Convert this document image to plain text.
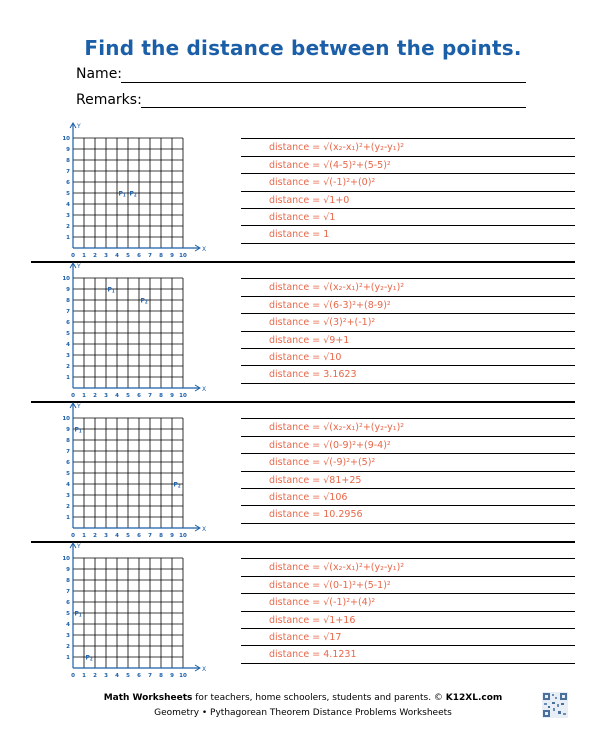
Find the distance between the points.
Name:
Remarks:
Y
X
0 1
1
2
2
3
3
4
4
5
5
6
6
7
7
8
8
9
9
10
10
P1 P2
distance = √(x₂-x₁)²+(y₂-y₁)²
distance = √(4-5)²+(5-5)²
distance = √(-1)²+(0)²
distance = √1+0
distance = √1
distance = 1
Y
X
0 1
1
2
2
3
3
4
4
5
5
6
6
7
7
8
8
9
9
10
10
P1
P2
distance = √(x₂-x₁)²+(y₂-y₁)²
distance = √(6-3)²+(8-9)²
distance = √(3)²+(-1)²
distance = √9+1
distance = √10
distance = 3.1623
Y
X
0 1
1
2
2
3
3
4
4
5
5
6
6
7
7
8
8
9
9
10
10
P1
P2
distance = √(x₂-x₁)²+(y₂-y₁)²
distance = √(0-9)²+(9-4)²
distance = √(-9)²+(5)²
distance = √81+25
distance = √106
distance = 10.2956
Y
X
0 1
1
2
2
3
3
4
4
5
5
6
6
7
7
8
8
9
9
10
10
P1
P2
distance = √(x₂-x₁)²+(y₂-y₁)²
distance = √(0-1)²+(5-1)²
distance = √(-1)²+(4)²
distance = √1+16
distance = √17
distance = 4.1231
Math Worksheets for teachers, home schoolers, students and parents. © K12XL.com
Geometry • Pythagorean Theorem Distance Problems Worksheets
